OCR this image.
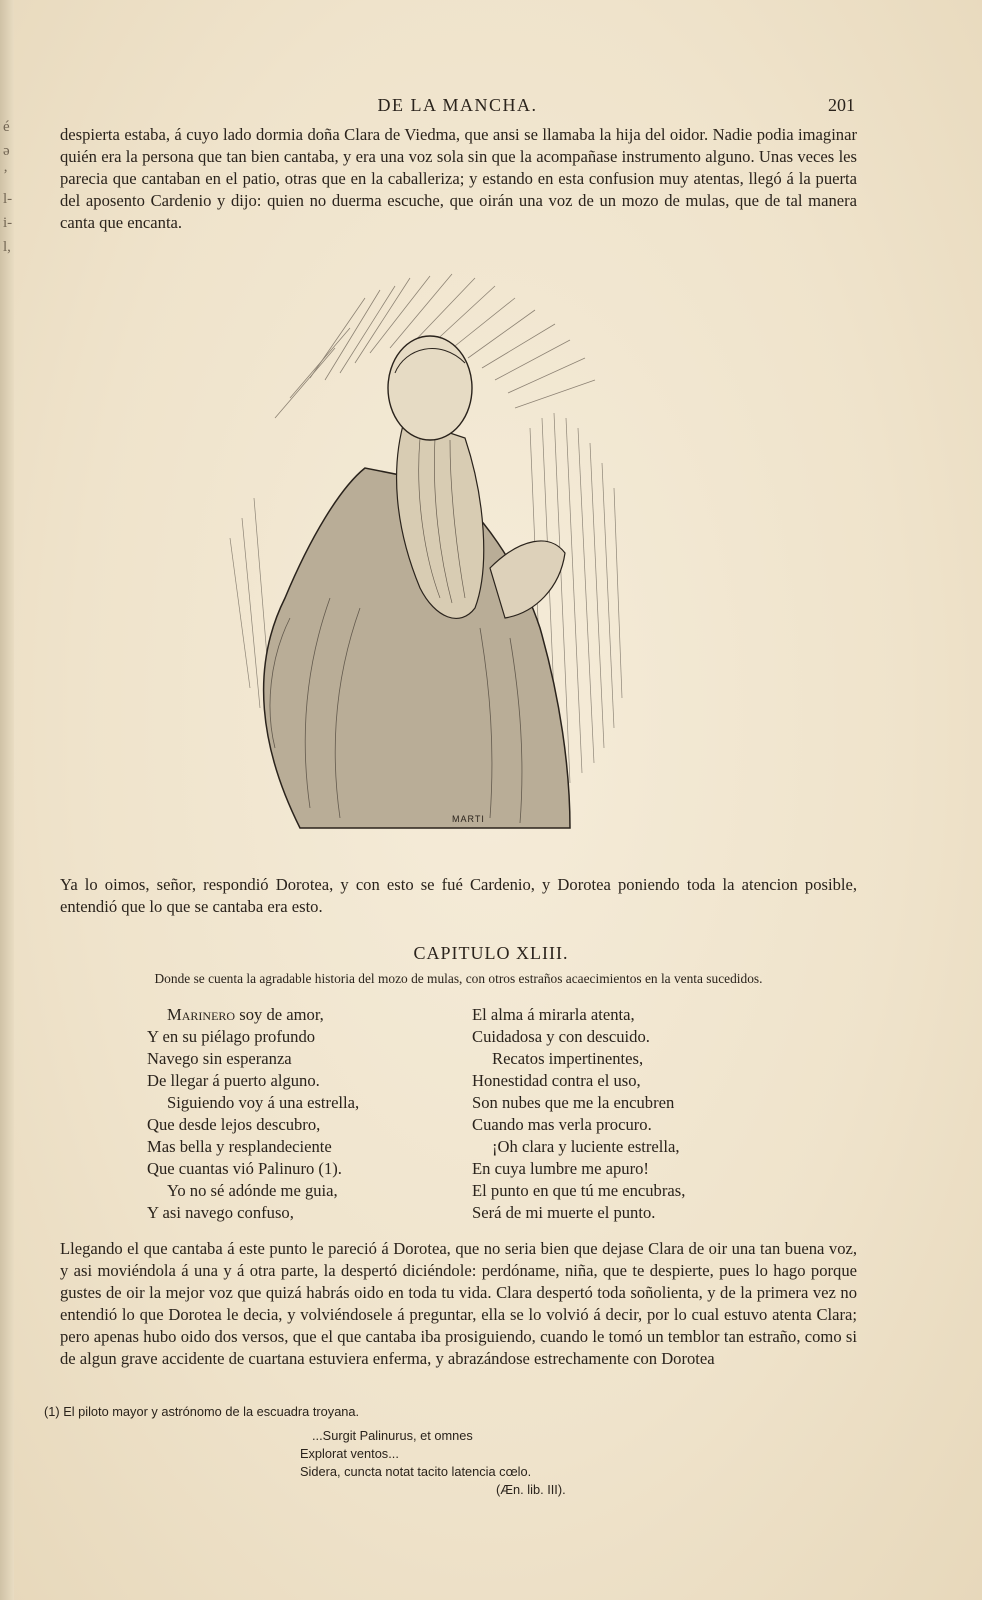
é
ə
’
l-
i-
l,
DE LA MANCHA.	201

despierta estaba, á cuyo lado dormia doña Clara de Viedma, que ansi se llamaba la hija del oidor. Nadie podia imaginar quién era la persona que tan bien cantaba, y era una voz sola sin que la acompañase instrumento alguno. Unas veces les parecia que cantaban en el patio, otras que en la caballeriza; y estando en esta confusion muy atentas, llegó á la puerta del aposento Cardenio y dijo: quien no duerma escuche, que oirán una voz de un mozo de mulas, que de tal manera canta que encanta.

MARTI

Ya lo oimos, señor, respondió Dorotea, y con esto se fué Cardenio, y Dorotea poniendo toda la atencion posible, entendió que lo que se cantaba era esto.

CAPITULO XLIII.
Donde se cuenta la agradable historia del mozo de mulas, con otros estraños acaecimientos en la venta sucedidos.
Marinero soy de amor,
Y en su piélago profundo
Navego sin esperanza
De llegar á puerto alguno.
Siguiendo voy á una estrella,
Que desde lejos descubro,
Mas bella y resplandeciente
Que cuantas vió Palinuro (1).
Yo no sé adónde me guia,
Y asi navego confuso,
El alma á mirarla atenta,
Cuidadosa y con descuido.
Recatos impertinentes,
Honestidad contra el uso,
Son nubes que me la encubren
Cuando mas verla procuro.
¡Oh clara y luciente estrella,
En cuya lumbre me apuro!
El punto en que tú me encubras,
Será de mi muerte el punto.

Llegando el que cantaba á este punto le pareció á Dorotea, que no seria bien que dejase Clara de oir una tan buena voz, y asi moviéndola á una y á otra parte, la despertó diciéndole: perdóname, niña, que te despierte, pues lo hago porque gustes de oir la mejor voz que quizá habrás oido en toda tu vida. Clara despertó toda soñolienta, y de la primera vez no entendió lo que Dorotea le decia, y volviéndosele á preguntar, ella se lo volvió á decir, por lo cual estuvo atenta Clara; pero apenas hubo oido dos versos, que el que cantaba iba prosiguiendo, cuando le tomó un temblor tan estraño, como si de algun grave accidente de cuartana estuviera enferma, y abrazándose estrechamente con Dorotea

(1) El piloto mayor y astrónomo de la escuadra troyana.
...Surgit Palinurus, et omnes
Explorat ventos...
Sidera, cuncta notat tacito latencia cœlo.
(Æn. lib. III).
